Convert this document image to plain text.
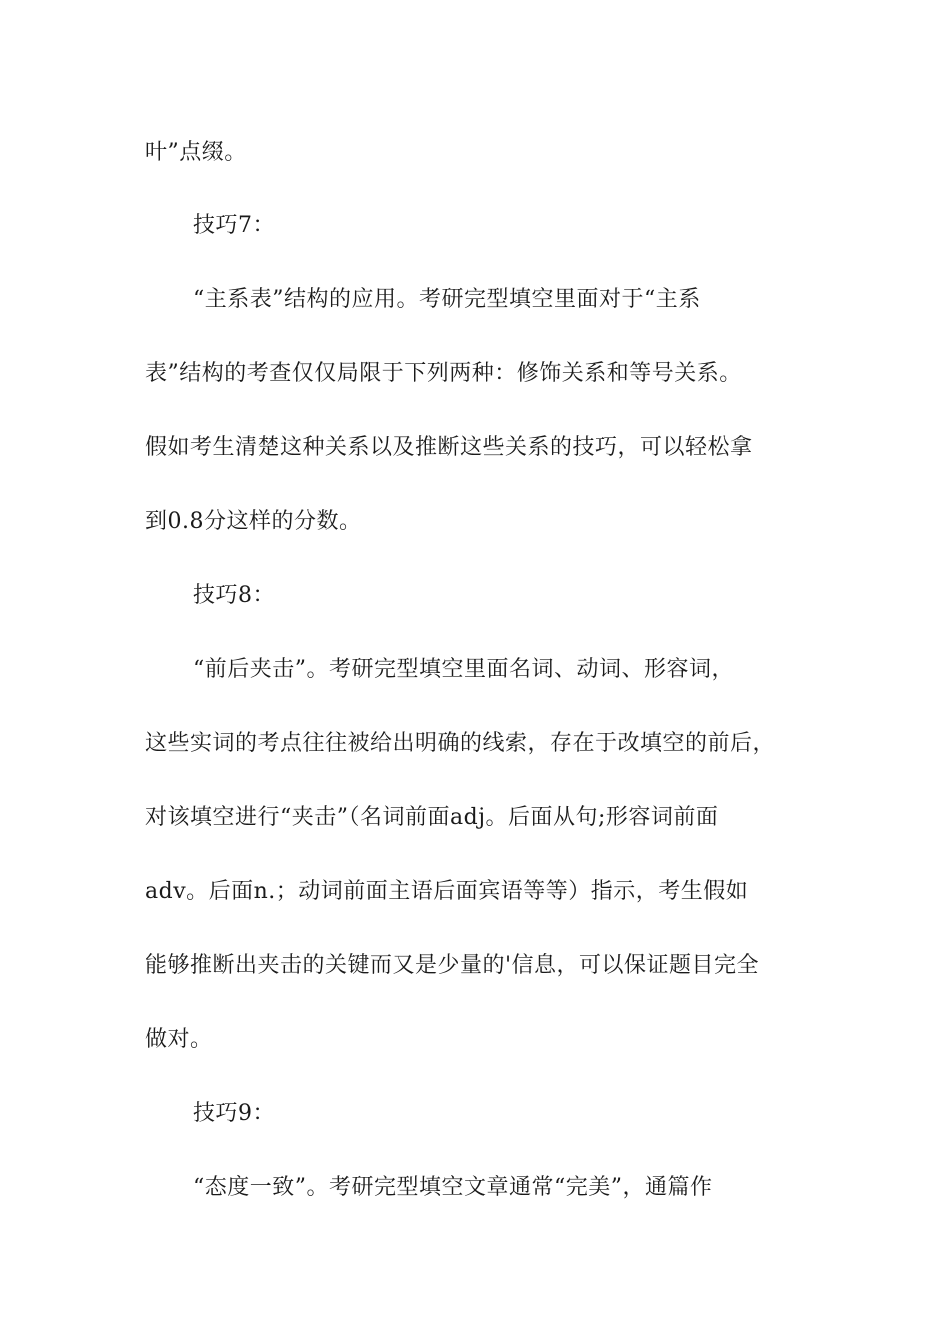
叶”点缀。
技巧7：
“主系表”结构的应用。考研完型填空里面对于“主系
表”结构的考查仅仅局限于下列两种：修饰关系和等号关系。
假如考生清楚这种关系以及推断这些关系的技巧，可以轻松拿
到0.8分这样的分数。
技巧8：
“前后夹击”。考研完型填空里面名词、动词、形容词，
这些实词的考点往往被给出明确的线索，存在于改填空的前后，
对该填空进行“夹击”（名词前面adj。后面从句;形容词前面
adv。后面n.；动词前面主语后面宾语等等）指示，考生假如
能够推断出夹击的关键而又是少量的'信息，可以保证题目完全
做对。
技巧9：
“态度一致”。考研完型填空文章通常“完美”，通篇作
